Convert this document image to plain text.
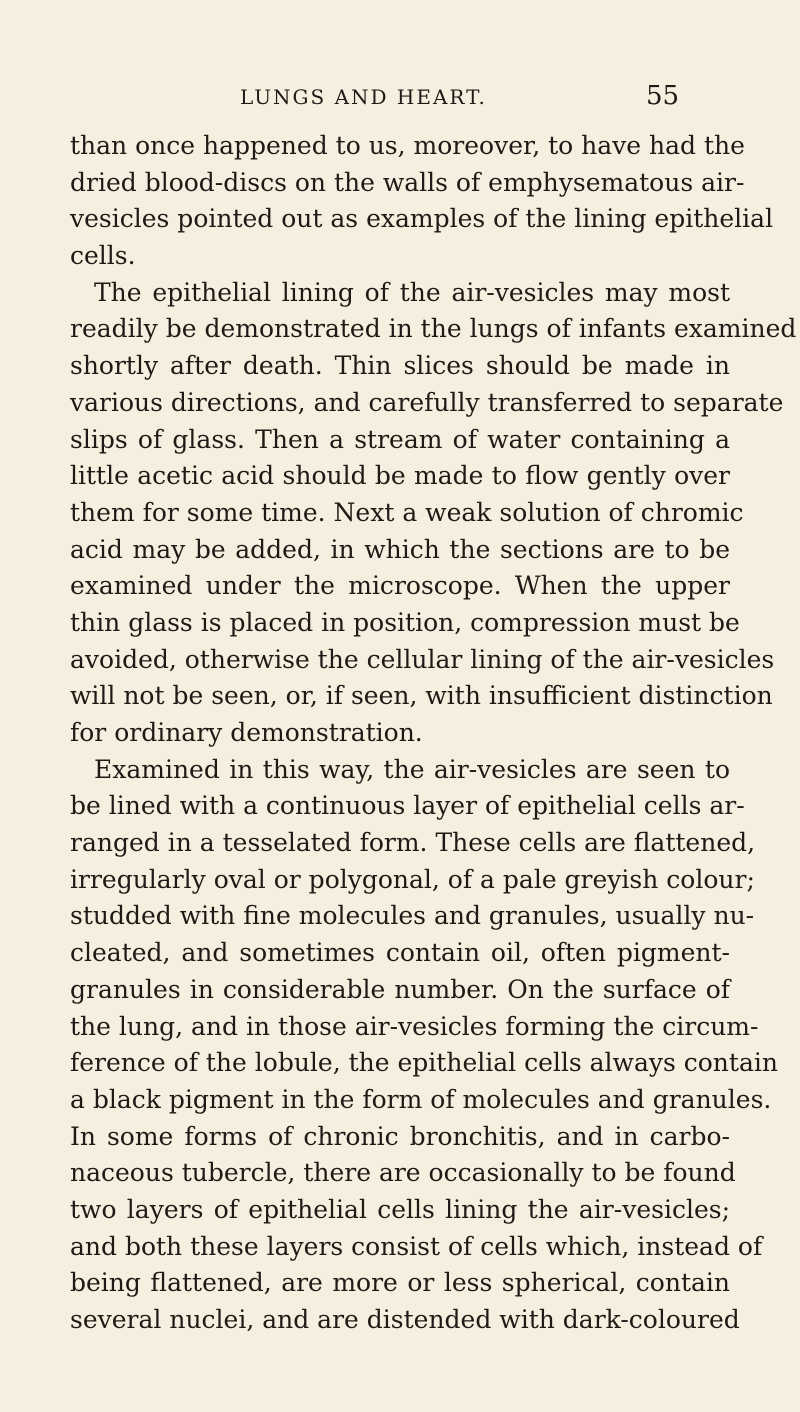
LUNGS AND HEART.	55
than once happened to us, moreover, to have had the
dried blood-discs on the walls of emphysematous air-
vesicles pointed out as examples of the lining epithelial
cells.
The epithelial lining of the air-vesicles may most
readily be demonstrated in the lungs of infants examined
shortly after death. Thin slices should be made in
various directions, and carefully transferred to separate
slips of glass. Then a stream of water containing a
little acetic acid should be made to flow gently over
them for some time. Next a weak solution of chromic
acid may be added, in which the sections are to be
examined under the microscope. When the upper
thin glass is placed in position, compression must be
avoided, otherwise the cellular lining of the air-vesicles
will not be seen, or, if seen, with insufficient distinction
for ordinary demonstration.
Examined in this way, the air-vesicles are seen to
be lined with a continuous layer of epithelial cells ar-
ranged in a tesselated form. These cells are flattened,
irregularly oval or polygonal, of a pale greyish colour;
studded with fine molecules and granules, usually nu-
cleated, and sometimes contain oil, often pigment-
granules in considerable number. On the surface of
the lung, and in those air-vesicles forming the circum-
ference of the lobule, the epithelial cells always contain
a black pigment in the form of molecules and granules.
In some forms of chronic bronchitis, and in carbo-
naceous tubercle, there are occasionally to be found
two layers of epithelial cells lining the air-vesicles;
and both these layers consist of cells which, instead of
being flattened, are more or less spherical, contain
several nuclei, and are distended with dark-coloured
